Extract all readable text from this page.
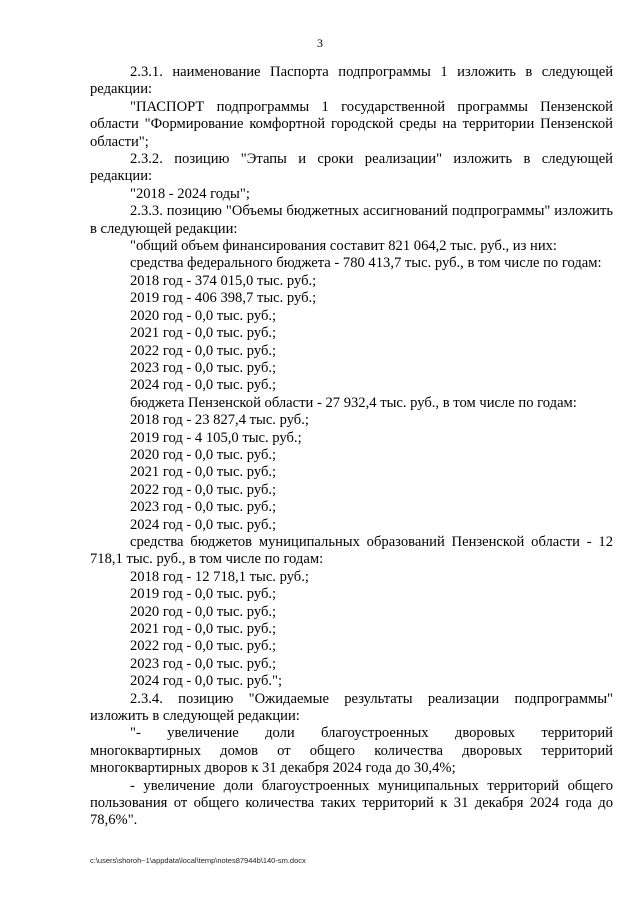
3

2.3.1. наименование Паспорта подпрограммы 1 изложить в следующей редакции:

"ПАСПОРТ подпрограммы 1 государственной программы Пензенской области "Формирование комфортной городской среды на территории Пензенской области";

2.3.2. позицию "Этапы и сроки реализации" изложить в следующей редакции:

"2018 - 2024 годы";

2.3.3. позицию "Объемы бюджетных ассигнований подпрограммы" изложить в следующей редакции:

"общий объем финансирования составит 821 064,2 тыс. руб., из них:

средства федерального бюджета - 780 413,7 тыс. руб., в том числе по годам:

2018 год - 374 015,0 тыс. руб.;

2019 год - 406 398,7 тыс. руб.;

2020 год - 0,0 тыс. руб.;

2021 год - 0,0 тыс. руб.;

2022 год - 0,0 тыс. руб.;

2023 год - 0,0 тыс. руб.;

2024 год - 0,0 тыс. руб.;

бюджета Пензенской области - 27 932,4 тыс. руб., в том числе по годам:

2018 год - 23 827,4 тыс. руб.;

2019 год - 4 105,0 тыс. руб.;

2020 год - 0,0 тыс. руб.;

2021 год - 0,0 тыс. руб.;

2022 год - 0,0 тыс. руб.;

2023 год - 0,0 тыс. руб.;

2024 год - 0,0 тыс. руб.;

средства бюджетов муниципальных образований Пензенской области - 12 718,1 тыс. руб., в том числе по годам:

2018 год - 12 718,1 тыс. руб.;

2019 год - 0,0 тыс. руб.;

2020 год - 0,0 тыс. руб.;

2021 год - 0,0 тыс. руб.;

2022 год - 0,0 тыс. руб.;

2023 год - 0,0 тыс. руб.;

2024 год - 0,0 тыс. руб.";

2.3.4. позицию "Ожидаемые результаты реализации подпрограммы" изложить в следующей редакции:

"- увеличение доли благоустроенных дворовых территорий многоквартирных домов от общего количества дворовых территорий многоквартирных дворов к 31 декабря 2024 года до 30,4%;

- увеличение доли благоустроенных муниципальных территорий общего пользования от общего количества таких территорий к 31 декабря 2024 года до 78,6%".

c:\users\shoroh~1\appdata\local\temp\notes87944b\140-sm.docx
